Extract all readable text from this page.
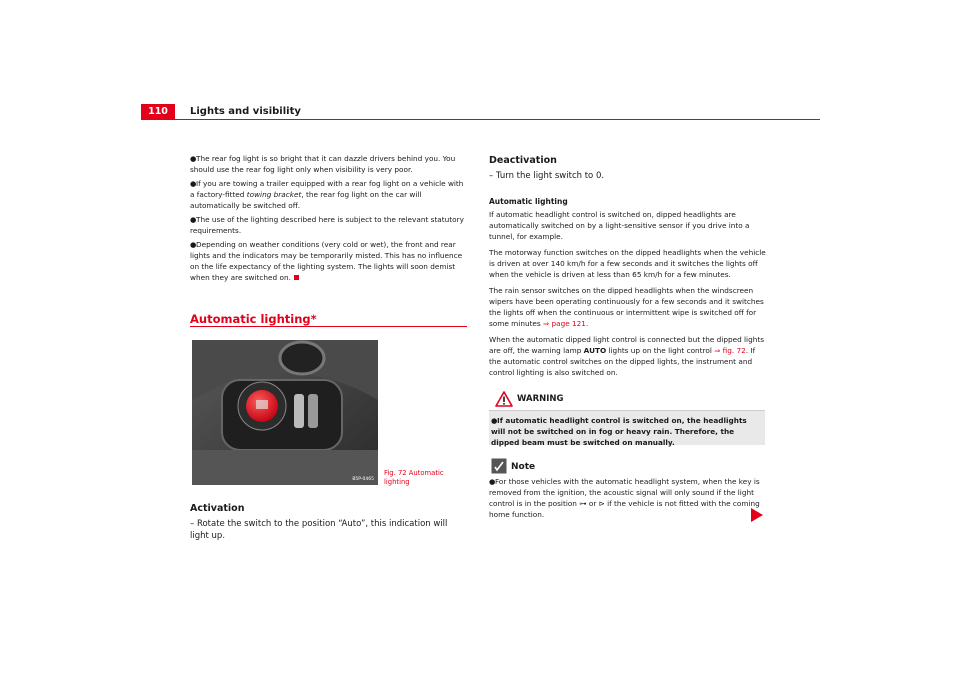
110	Lights and visibility
●The rear fog light is so bright that it can dazzle drivers behind you. You should use the rear fog light only when visibility is very poor.
●If you are towing a trailer equipped with a rear fog light on a vehicle with a factory-fitted towing bracket, the rear fog light on the car will automatically be switched off.
●The use of the lighting described here is subject to the relevant statutory requirements.
●Depending on weather conditions (very cold or wet), the front and rear lights and the indicators may be temporarily misted. This has no influence on the life expectancy of the lighting system. The lights will soon demist when they are switched on.
Automatic lighting*
B5P-0465
Fig. 72 Automatic
lighting
Activation
– Rotate the switch to the position “Auto”, this indication will light up.
Deactivation
– Turn the light switch to 0.
Automatic lighting

If automatic headlight control is switched on, dipped headlights are automatically switched on by a light-sensitive sensor if you drive into a tunnel, for example.

The motorway function switches on the dipped headlights when the vehicle is driven at over 140 km/h for a few seconds and it switches the lights off when the vehicle is driven at less than 65 km/h for a few minutes.

The rain sensor switches on the dipped headlights when the windscreen wipers have been operating continuously for a few seconds and it switches the lights off when the continuous or intermittent wipe is switched off for some minutes ⇒ page 121.

When the automatic dipped light control is connected but the dipped lights are off, the warning lamp AUTO lights up on the light control ⇒ fig. 72. If the automatic control switches on the dipped lights, the instrument and control lighting is also switched on.

WARNING
●If automatic headlight control is switched on, the headlights will not be switched on in fog or heavy rain. Therefore, the dipped beam must be switched on manually.
Note
●For those vehicles with the automatic headlight system, when the key is removed from the ignition, the acoustic signal will only sound if the light control is in the position ⊶ or ⊳ if the vehicle is not fitted with the coming home function.
